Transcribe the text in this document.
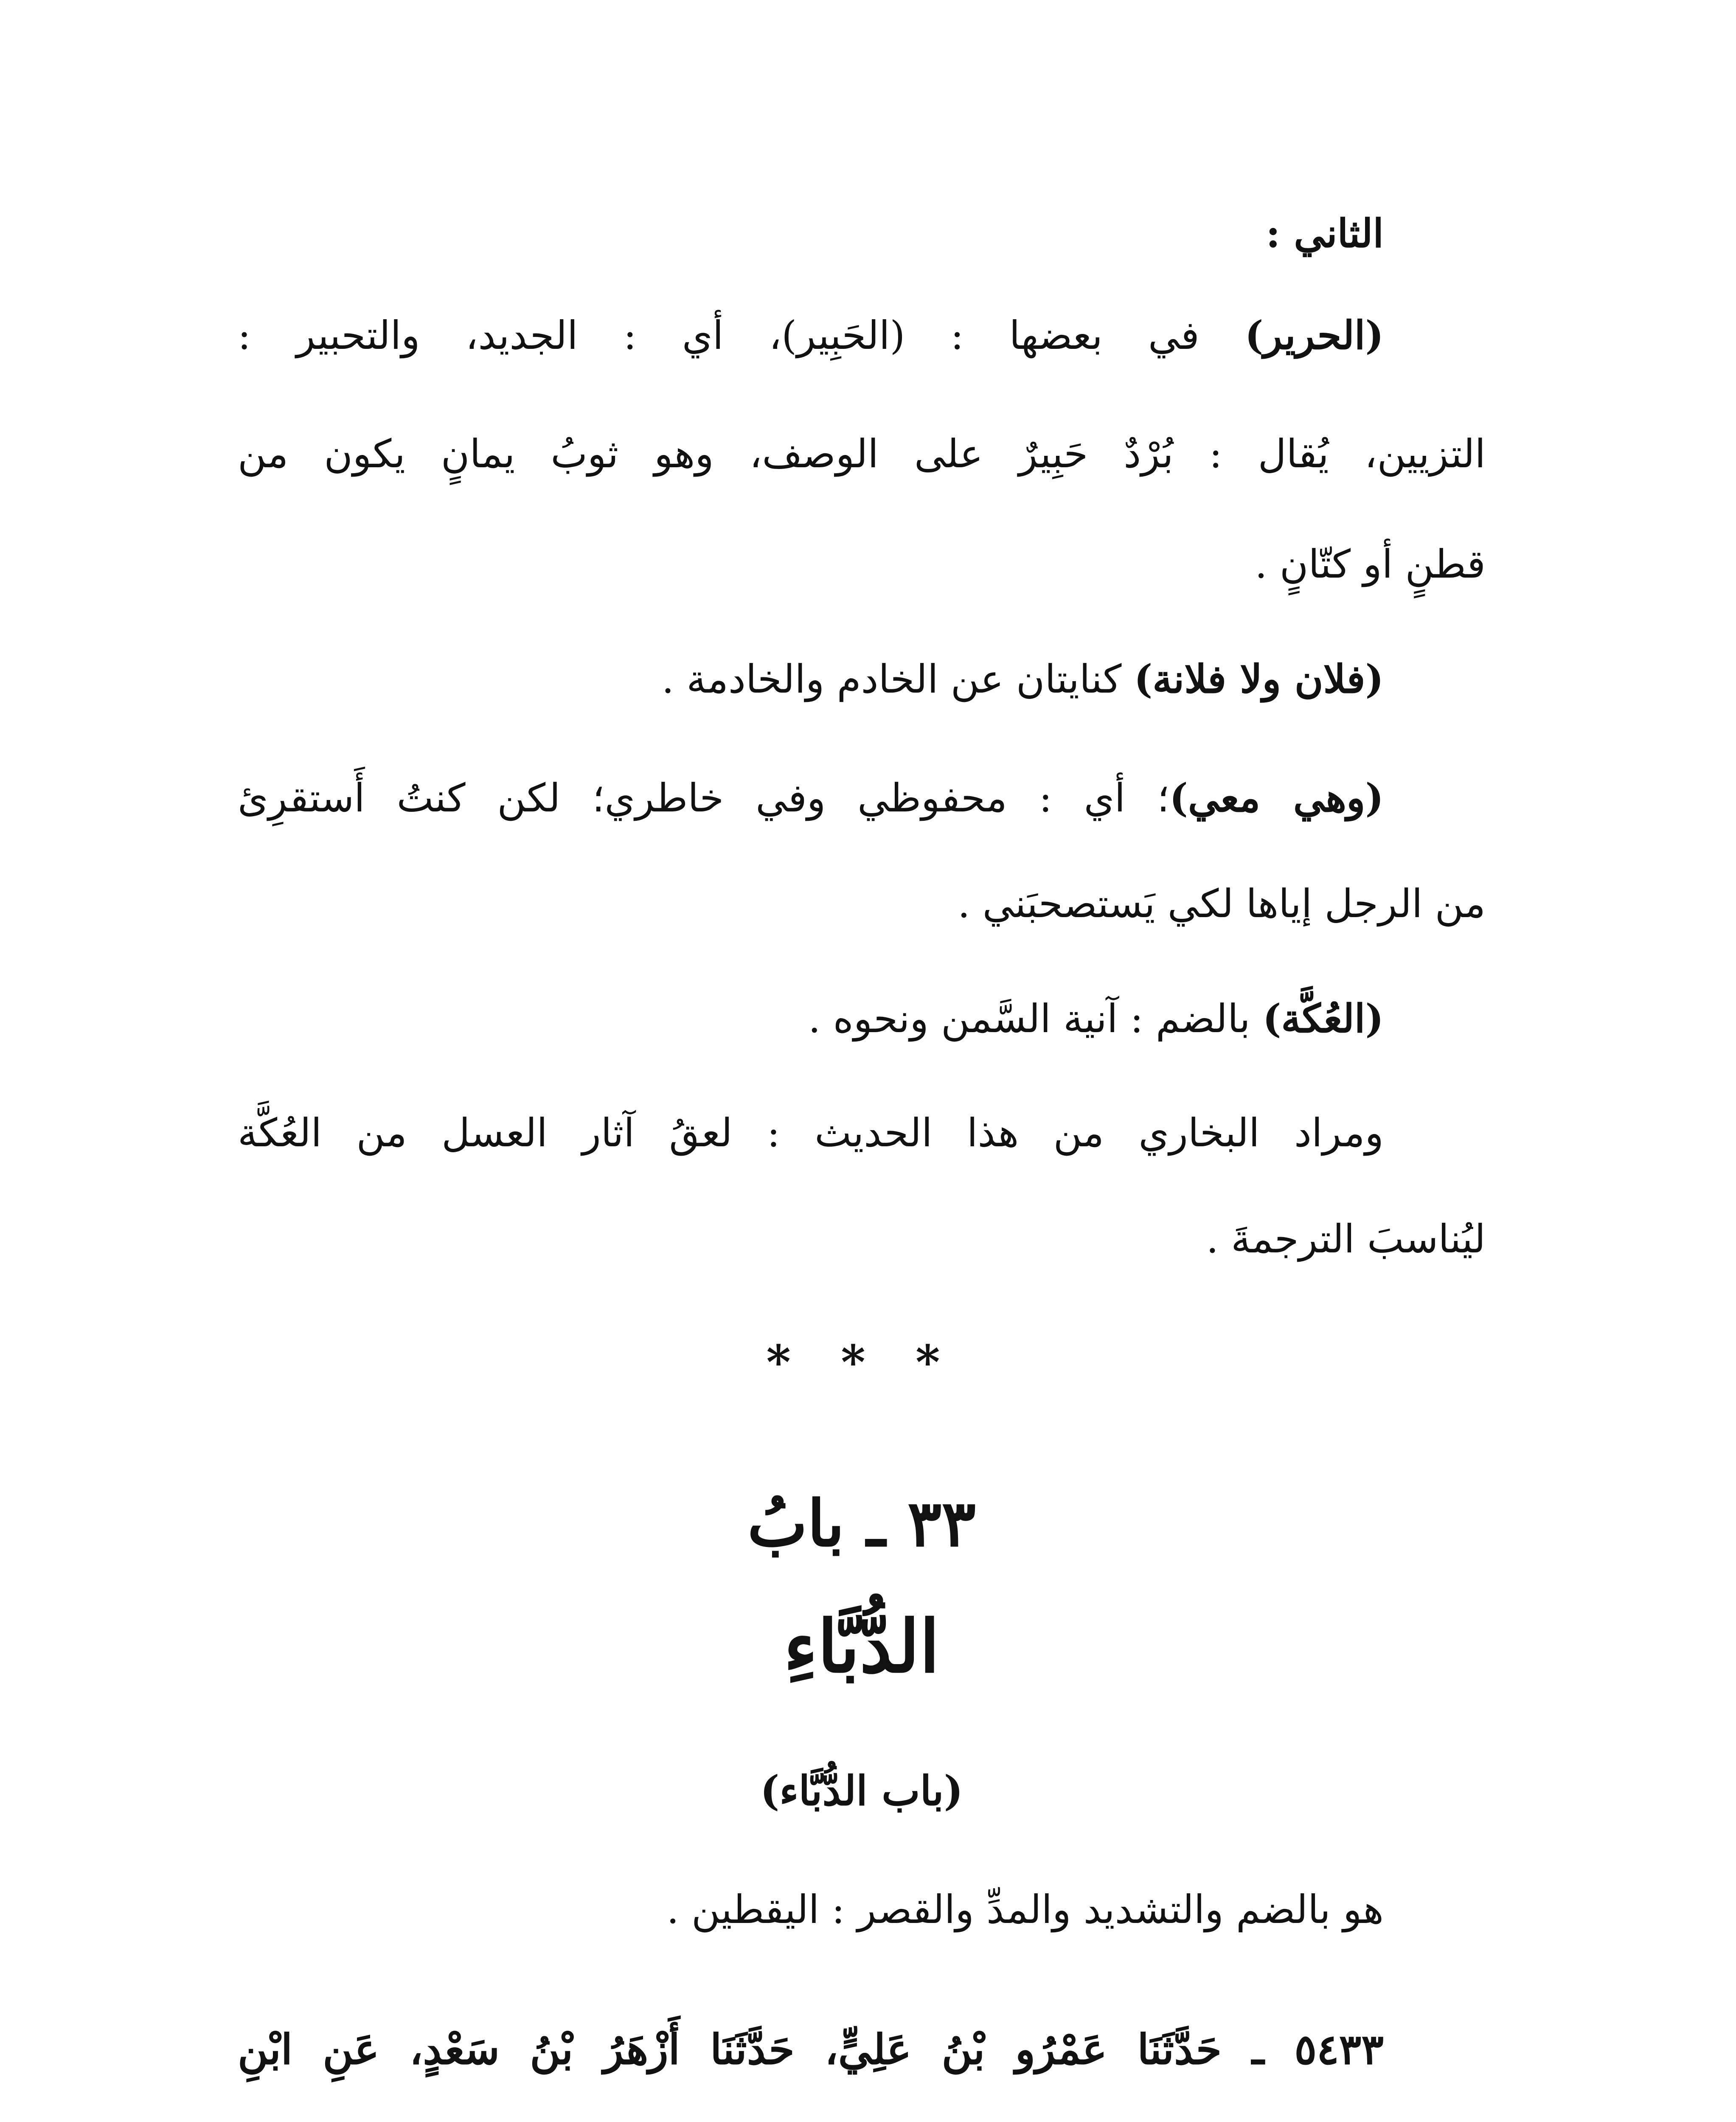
الثاني :
(الحرير) في بعضها : (الحَبِير)، أي : الجديد، والتحبير :
التزيين، يُقال : بُرْدٌ حَبِيرٌ على الوصف، وهو ثوبُ يمانٍ يكون من
قطنٍ أو كتّانٍ .
(فلان ولا فلانة) كنايتان عن الخادم والخادمة .
(وهي معي)؛ أي : محفوظي وفي خاطري؛ لكن كنتُ أَستقرِئ
من الرجل إياها لكي يَستصحبَني .
(العُكَّة) بالضم : آنية السَّمن ونحوه .
ومراد البخاري من هذا الحديث : لعقُ آثار العسل من العُكَّة
ليُناسبَ الترجمةَ .
* * *
٣٣ ـ بابُ
الدُّبَّاءِ
(باب الدُّبَّاء)
هو بالضم والتشديد والمدِّ والقصر : اليقطين .
٥٤٣٣ ـ حَدَّثَنَا عَمْرُو بْنُ عَلِيٍّ، حَدَّثَنَا أَزْهَرُ بْنُ سَعْدٍ، عَنِ ابْنِ
